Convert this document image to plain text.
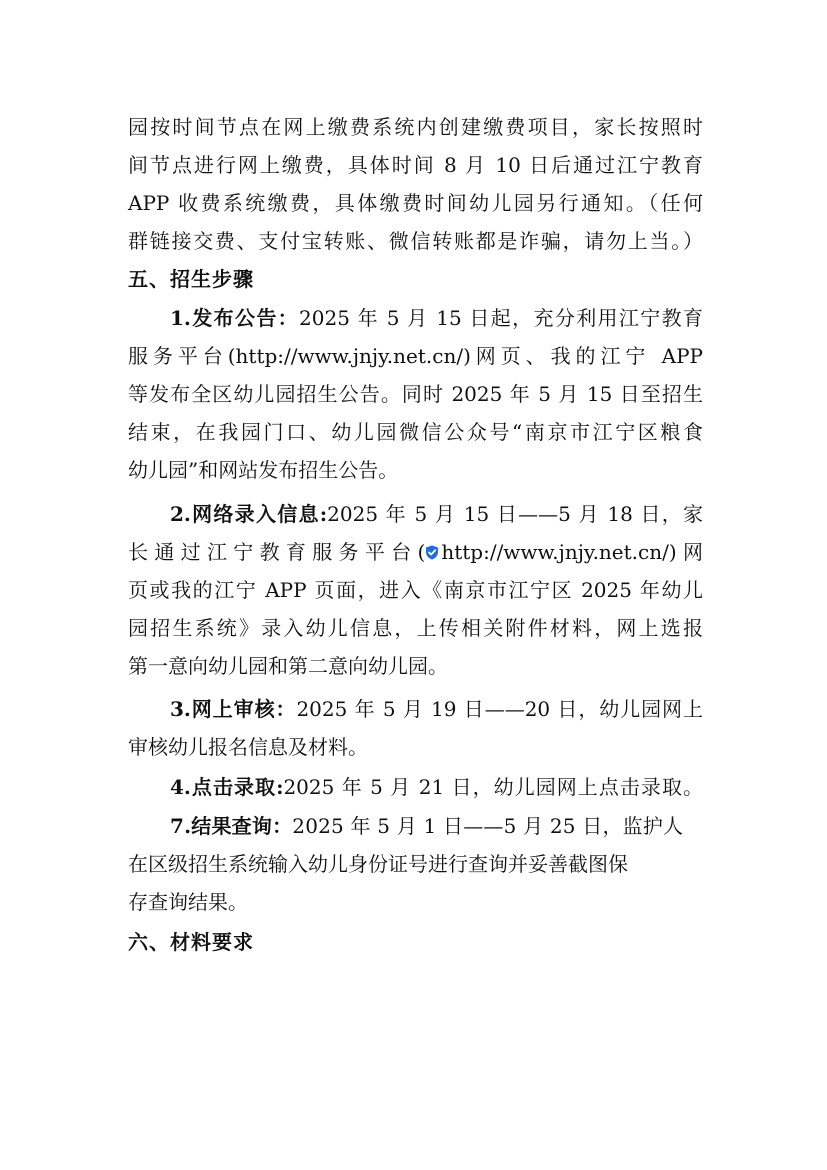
园按时间节点在网上缴费系统内创建缴费项目，家长按照时

间节点进行网上缴费，具体时间 8 月 10 日后通过江宁教育

APP 收费系统缴费，具体缴费时间幼儿园另行通知。（任何

群链接交费、支付宝转账、微信转账都是诈骗，请勿上当。）

五、招生步骤

1.发布公告：2025 年 5 月 15 日起，充分利用江宁教育

服务平台(http://www.jnjy.net.cn/)网页、我的江宁 APP

等发布全区幼儿园招生公告。同时 2025 年 5 月 15 日至招生

结束，在我园门口、幼儿园微信公众号“南京市江宁区粮食

幼儿园”和网站发布招生公告。

2.网络录入信息:2025 年 5 月 15 日——5 月 18 日，家

长通过江宁教育服务平台( http://www.jnjy.net.cn/)网

页或我的江宁 APP 页面，进入《南京市江宁区 2025 年幼儿

园招生系统》录入幼儿信息，上传相关附件材料，网上选报

第一意向幼儿园和第二意向幼儿园。

3.网上审核：2025 年 5 月 19 日——20 日，幼儿园网上

审核幼儿报名信息及材料。

4.点击录取:2025 年 5 月 21 日，幼儿园网上点击录取。

7.结果查询：2025 年 5 月 1 日——5 月 25 日，监护人

在区级招生系统输入幼儿身份证号进行查询并妥善截图保

存查询结果。

六、材料要求
